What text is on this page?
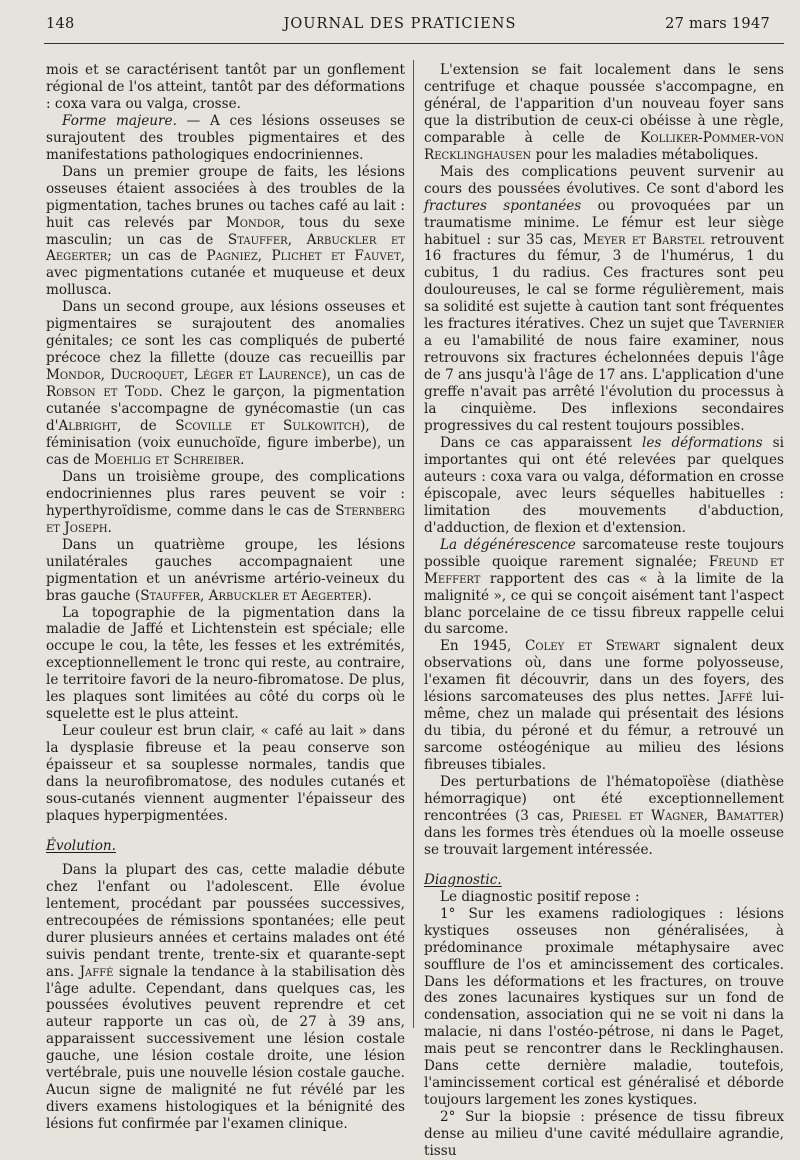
148	JOURNAL DES PRATICIENS	27 mars 1947

mois et se caractérisent tantôt par un gonflement régional de l'os atteint, tantôt par des déformations : coxa vara ou valga, crosse.

Forme majeure. — A ces lésions osseuses se surajoutent des troubles pigmentaires et des manifestations pathologiques endocriniennes.

Dans un premier groupe de faits, les lésions osseuses étaient associées à des troubles de la pigmentation, taches brunes ou taches café au lait : huit cas relevés par Mondor, tous du sexe masculin; un cas de Stauffer, Arbuckler et Aegerter; un cas de Pagniez, Plichet et Fauvet, avec pigmentations cutanée et muqueuse et deux mollusca.

Dans un second groupe, aux lésions osseuses et pigmentaires se surajoutent des anomalies génitales; ce sont les cas compliqués de puberté précoce chez la fillette (douze cas recueillis par Mondor, Ducroquet, Léger et Laurence), un cas de Robson et Todd. Chez le garçon, la pigmentation cutanée s'accompagne de gynécomastie (un cas d'Albright, de Scoville et Sulkowitch), de féminisation (voix eunuchoïde, figure imberbe), un cas de Moehlig et Schreiber.

Dans un troisième groupe, des complications endocriniennes plus rares peuvent se voir : hyperthyroïdisme, comme dans le cas de Sternberg et Joseph.

Dans un quatrième groupe, les lésions unilatérales gauches accompagnaient une pigmentation et un anévrisme artério-veineux du bras gauche (Stauffer, Arbuckler et Aegerter).

La topographie de la pigmentation dans la maladie de Jaffé et Lichtenstein est spéciale; elle occupe le cou, la tête, les fesses et les extrémités, exceptionnellement le tronc qui reste, au contraire, le territoire favori de la neuro-fibromatose. De plus, les plaques sont limitées au côté du corps où le squelette est le plus atteint.

Leur couleur est brun clair, « café au lait » dans la dysplasie fibreuse et la peau conserve son épaisseur et sa souplesse normales, tandis que dans la neurofibromatose, des nodules cutanés et sous-cutanés viennent augmenter l'épaisseur des plaques hyperpigmentées.

Évolution.

Dans la plupart des cas, cette maladie débute chez l'enfant ou l'adolescent. Elle évolue lentement, procédant par poussées successives, entrecoupées de rémissions spontanées; elle peut durer plusieurs années et certains malades ont été suivis pendant trente, trente-six et quarante-sept ans. Jaffé signale la tendance à la stabilisation dès l'âge adulte. Cependant, dans quelques cas, les poussées évolutives peuvent reprendre et cet auteur rapporte un cas où, de 27 à 39 ans, apparaissent successivement une lésion costale gauche, une lésion costale droite, une lésion vertébrale, puis une nouvelle lésion costale gauche. Aucun signe de malignité ne fut révélé par les divers examens histologiques et la bénignité des lésions fut confirmée par l'examen clinique.

L'extension se fait localement dans le sens centrifuge et chaque poussée s'accompagne, en général, de l'apparition d'un nouveau foyer sans que la distribution de ceux-ci obéisse à une règle, comparable à celle de Kolliker-Pommer-von Recklinghausen pour les maladies métaboliques.

Mais des complications peuvent survenir au cours des poussées évolutives. Ce sont d'abord les fractures spontanées ou provoquées par un traumatisme minime. Le fémur est leur siège habituel : sur 35 cas, Meyer et Barstel retrouvent 16 fractures du fémur, 3 de l'humérus, 1 du cubitus, 1 du radius. Ces fractures sont peu douloureuses, le cal se forme régulièrement, mais sa solidité est sujette à caution tant sont fréquentes les fractures itératives. Chez un sujet que Tavernier a eu l'amabilité de nous faire examiner, nous retrouvons six fractures échelonnées depuis l'âge de 7 ans jusqu'à l'âge de 17 ans. L'application d'une greffe n'avait pas arrêté l'évolution du processus à la cinquième. Des inflexions secondaires progressives du cal restent toujours possibles.

Dans ce cas apparaissent les déformations si importantes qui ont été relevées par quelques auteurs : coxa vara ou valga, déformation en crosse épiscopale, avec leurs séquelles habituelles : limitation des mouvements d'abduction, d'adduction, de flexion et d'extension.

La dégénérescence sarcomateuse reste toujours possible quoique rarement signalée; Freund et Meffert rapportent des cas « à la limite de la malignité », ce qui se conçoit aisément tant l'aspect blanc porcelaine de ce tissu fibreux rappelle celui du sarcome.

En 1945, Coley et Stewart signalent deux observations où, dans une forme polyosseuse, l'examen fit découvrir, dans un des foyers, des lésions sarcomateuses des plus nettes. Jaffé lui-même, chez un malade qui présentait des lésions du tibia, du péroné et du fémur, a retrouvé un sarcome ostéogénique au milieu des lésions fibreuses tibiales.

Des perturbations de l'hématopoïèse (diathèse hémorragique) ont été exceptionnellement rencontrées (3 cas, Priesel et Wagner, Bamatter) dans les formes très étendues où la moelle osseuse se trouvait largement intéressée.

Diagnostic.

Le diagnostic positif repose :

1° Sur les examens radiologiques : lésions kystiques osseuses non généralisées, à prédominance proximale métaphysaire avec soufflure de l'os et amincissement des corticales. Dans les déformations et les fractures, on trouve des zones lacunaires kystiques sur un fond de condensation, association qui ne se voit ni dans la malacie, ni dans l'ostéo-pétrose, ni dans le Paget, mais peut se rencontrer dans le Recklinghausen. Dans cette dernière maladie, toutefois, l'amincissement cortical est généralisé et déborde toujours largement les zones kystiques.

2° Sur la biopsie : présence de tissu fibreux dense au milieu d'une cavité médullaire agrandie, tissu
